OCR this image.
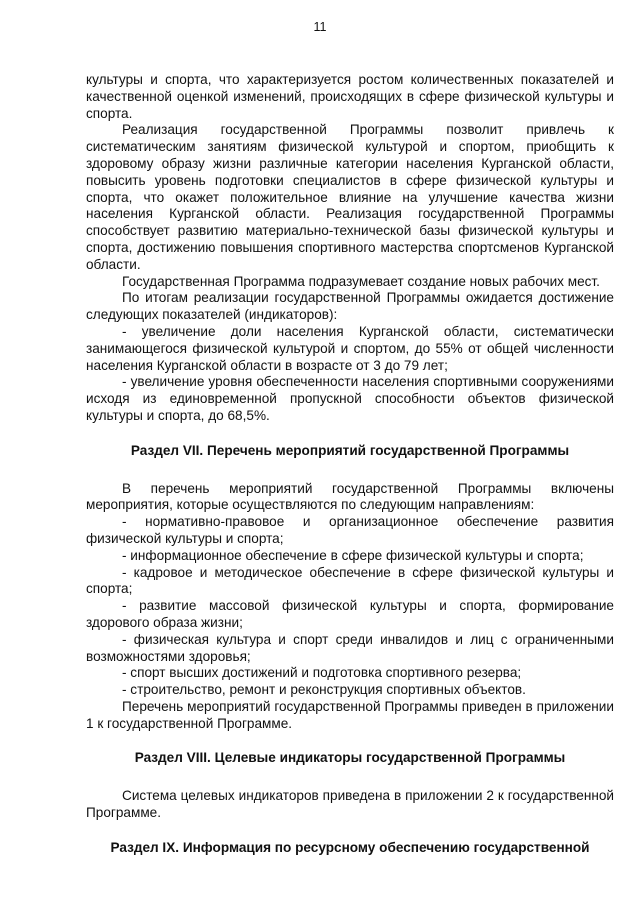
11

культуры и спорта, что характеризуется ростом количественных показателей и качественной оценкой изменений, происходящих в сфере физической культуры и спорта.

Реализация государственной Программы позволит привлечь к систематическим занятиям физической культурой и спортом, приобщить к здоровому образу жизни различные категории населения Курганской области, повысить уровень подготовки специалистов в сфере физической культуры и спорта, что окажет положительное влияние на улучшение качества жизни населения Курганской области. Реализация государственной Программы способствует развитию материально-технической базы физической культуры и спорта, достижению повышения спортивного мастерства спортсменов Курганской области.

Государственная Программа подразумевает создание новых рабочих мест.

По итогам реализации государственной Программы ожидается достижение следующих показателей (индикаторов):

- увеличение доли населения Курганской области, систематически занимающегося физической культурой и спортом, до 55% от общей численности населения Курганской области в возрасте от 3 до 79 лет;

- увеличение уровня обеспеченности населения спортивными сооружениями исходя из единовременной пропускной способности объектов физической культуры и спорта, до 68,5%.

Раздел VII. Перечень мероприятий государственной Программы

В перечень мероприятий государственной Программы включены мероприятия, которые осуществляются по следующим направлениям:

- нормативно-правовое и организационное обеспечение развития физической культуры и спорта;

- информационное обеспечение в сфере физической культуры и спорта;

- кадровое и методическое обеспечение в сфере физической культуры и спорта;

- развитие массовой физической культуры и спорта, формирование здорового образа жизни;

- физическая культура и спорт среди инвалидов и лиц с ограниченными возможностями здоровья;

- спорт высших достижений и подготовка спортивного резерва;

- строительство, ремонт и реконструкция спортивных объектов.

Перечень мероприятий государственной Программы приведен в приложении 1 к государственной Программе.

Раздел VIII. Целевые индикаторы государственной Программы

Система целевых индикаторов приведена в приложении 2 к государственной Программе.

Раздел IX. Информация по ресурсному обеспечению государственной
